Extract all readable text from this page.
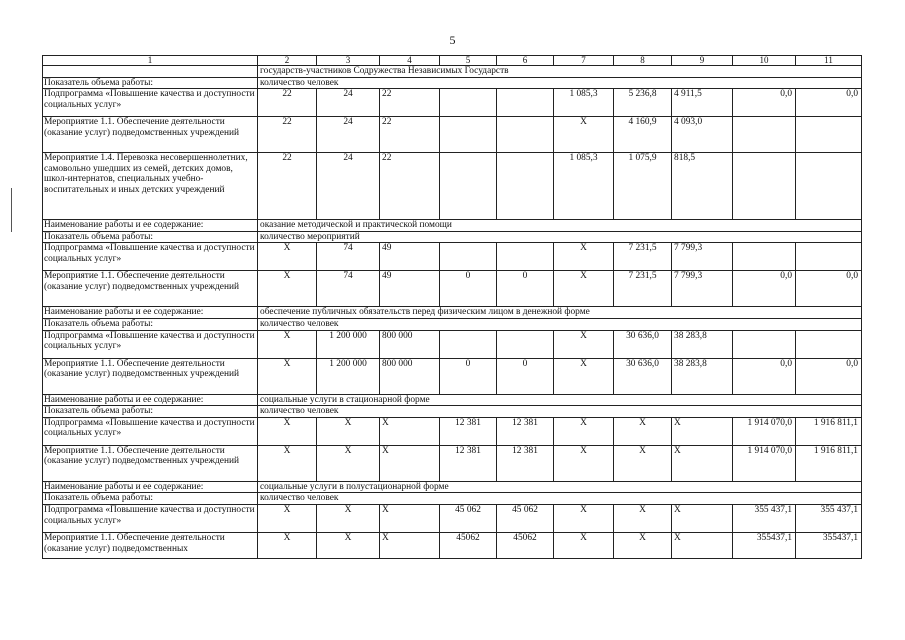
5
1	2	3	4	5	6	7	8	9	10	11
	государств-участников Содружества Независимых Государств									
Показатель объема работы:	количество человек									
Подпрограмма «Повышение качества и доступности социальных услуг»	22	24	22			1 085,3	5 236,8	4 911,5	0,0	0,0
Мероприятие 1.1. Обеспечение деятельности (оказание услуг) подведомственных учреждений	22	24	22			X	4 160,9	4 093,0		
Мероприятие 1.4. Перевозка несовершеннолетних, самовольно ушедших из семей, детских домов, школ-интернатов, специальных учебно-воспитательных и иных детских учреждений	22	24	22			1 085,3	1 075,9	818,5		
Наименование работы и ее содержание:	оказание методической и практической помощи									
Показатель объема работы:	количество мероприятий									
Подпрограмма «Повышение качества и доступности социальных услуг»	X	74	49			X	7 231,5	7 799,3		
Мероприятие 1.1. Обеспечение деятельности (оказание услуг) подведомственных учреждений	X	74	49	0	0	X	7 231,5	7 799,3	0,0	0,0
Наименование работы и ее содержание:	обеспечение публичных обязательств перед физическим лицом в денежной форме									
Показатель объема работы:	количество человек									
Подпрограмма «Повышение качества и доступности социальных услуг»	X	1 200 000	800 000			X	30 636,0	38 283,8		
Мероприятие 1.1. Обеспечение деятельности (оказание услуг) подведомственных учреждений	X	1 200 000	800 000	0	0	X	30 636,0	38 283,8	0,0	0,0
Наименование работы и ее содержание:	социальные услуги в стационарной форме									
Показатель объема работы:	количество человек									
Подпрограмма «Повышение качества и доступности социальных услуг»	X	X	X	12 381	12 381	X	X	X	1 914 070,0	1 916 811,1
Мероприятие 1.1. Обеспечение деятельности (оказание услуг) подведомственных учреждений	X	X	X	12 381	12 381	X	X	X	1 914 070,0	1 916 811,1
Наименование работы и ее содержание:	социальные услуги в полустационарной форме									
Показатель объема работы:	количество человек									
Подпрограмма «Повышение качества и доступности социальных услуг»	X	X	X	45 062	45 062	X	X	X	355 437,1	355 437,1
Мероприятие 1.1. Обеспечение деятельности (оказание услуг) подведомственных	X	X	X	45062	45062	X	X	X	355437,1	355437,1
